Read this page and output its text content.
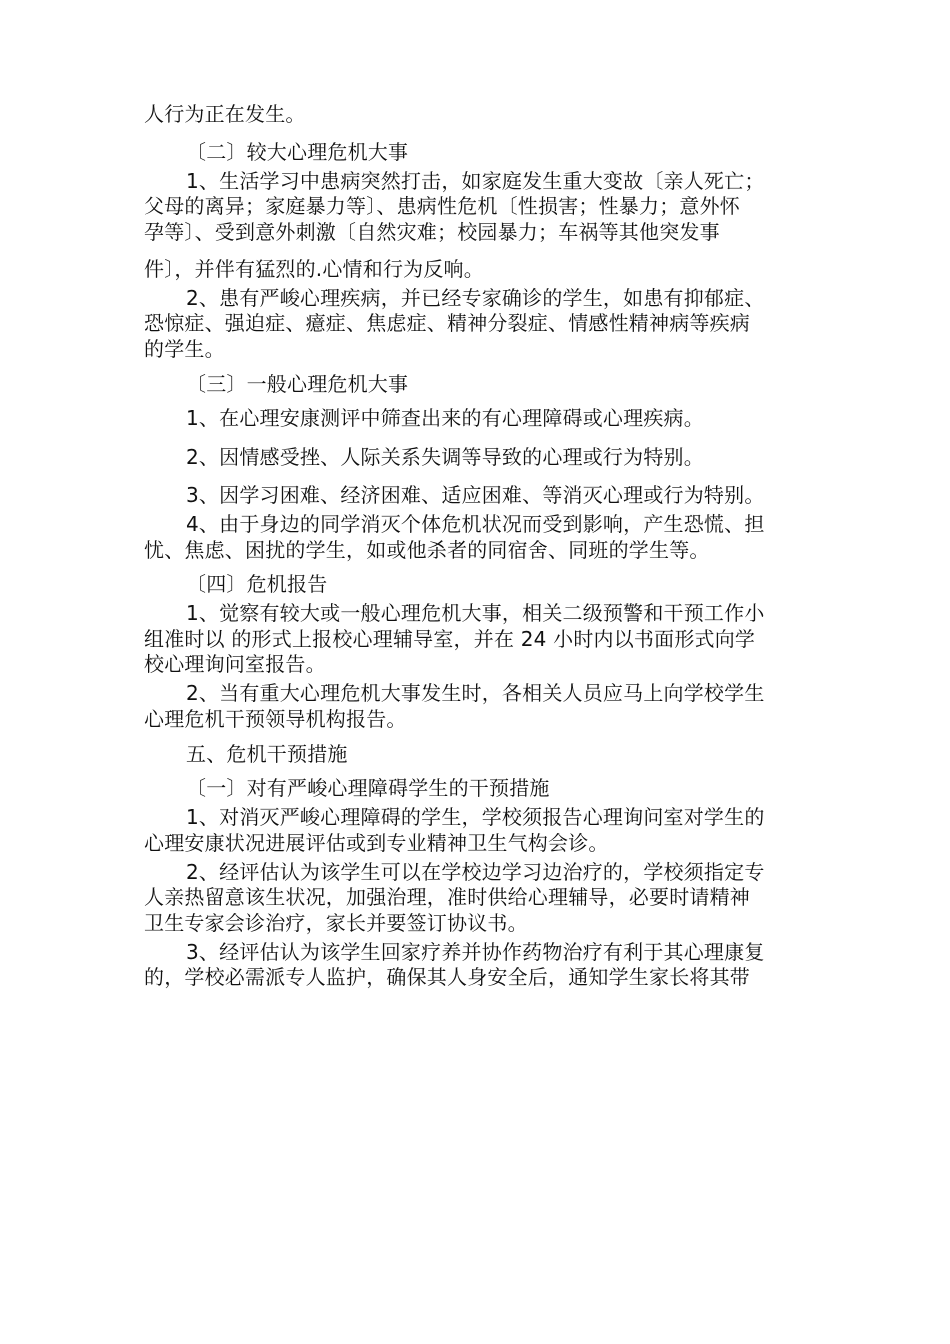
人行为正在发生。
〔二〕较大心理危机大事
1、生活学习中患病突然打击，如家庭发生重大变故〔亲人死亡；
父母的离异；家庭暴力等〕、患病性危机〔性损害；性暴力；意外怀
孕等〕、受到意外刺激〔自然灾难；校园暴力；车祸等其他突发事
件〕，并伴有猛烈的.心情和行为反响。
2、患有严峻心理疾病，并已经专家确诊的学生，如患有抑郁症、
恐惊症、强迫症、癔症、焦虑症、精神分裂症、情感性精神病等疾病
的学生。
〔三〕一般心理危机大事
1、在心理安康测评中筛查出来的有心理障碍或心理疾病。
2、因情感受挫、人际关系失调等导致的心理或行为特别。
3、因学习困难、经济困难、适应困难、等消灭心理或行为特别。
4、由于身边的同学消灭个体危机状况而受到影响，产生恐慌、担
忧、焦虑、困扰的学生，如或他杀者的同宿舍、同班的学生等。
〔四〕危机报告
1、觉察有较大或一般心理危机大事，相关二级预警和干预工作小
组准时以 的形式上报校心理辅导室，并在 24 小时内以书面形式向学
校心理询问室报告。
2、当有重大心理危机大事发生时，各相关人员应马上向学校学生
心理危机干预领导机构报告。
五、危机干预措施
〔一〕对有严峻心理障碍学生的干预措施
1、对消灭严峻心理障碍的学生，学校须报告心理询问室对学生的
心理安康状况进展评估或到专业精神卫生气构会诊。
2、经评估认为该学生可以在学校边学习边治疗的，学校须指定专
人亲热留意该生状况，加强治理，准时供给心理辅导，必要时请精神
卫生专家会诊治疗，家长并要签订协议书。
3、经评估认为该学生回家疗养并协作药物治疗有利于其心理康复
的，学校必需派专人监护，确保其人身安全后，通知学生家长将其带
